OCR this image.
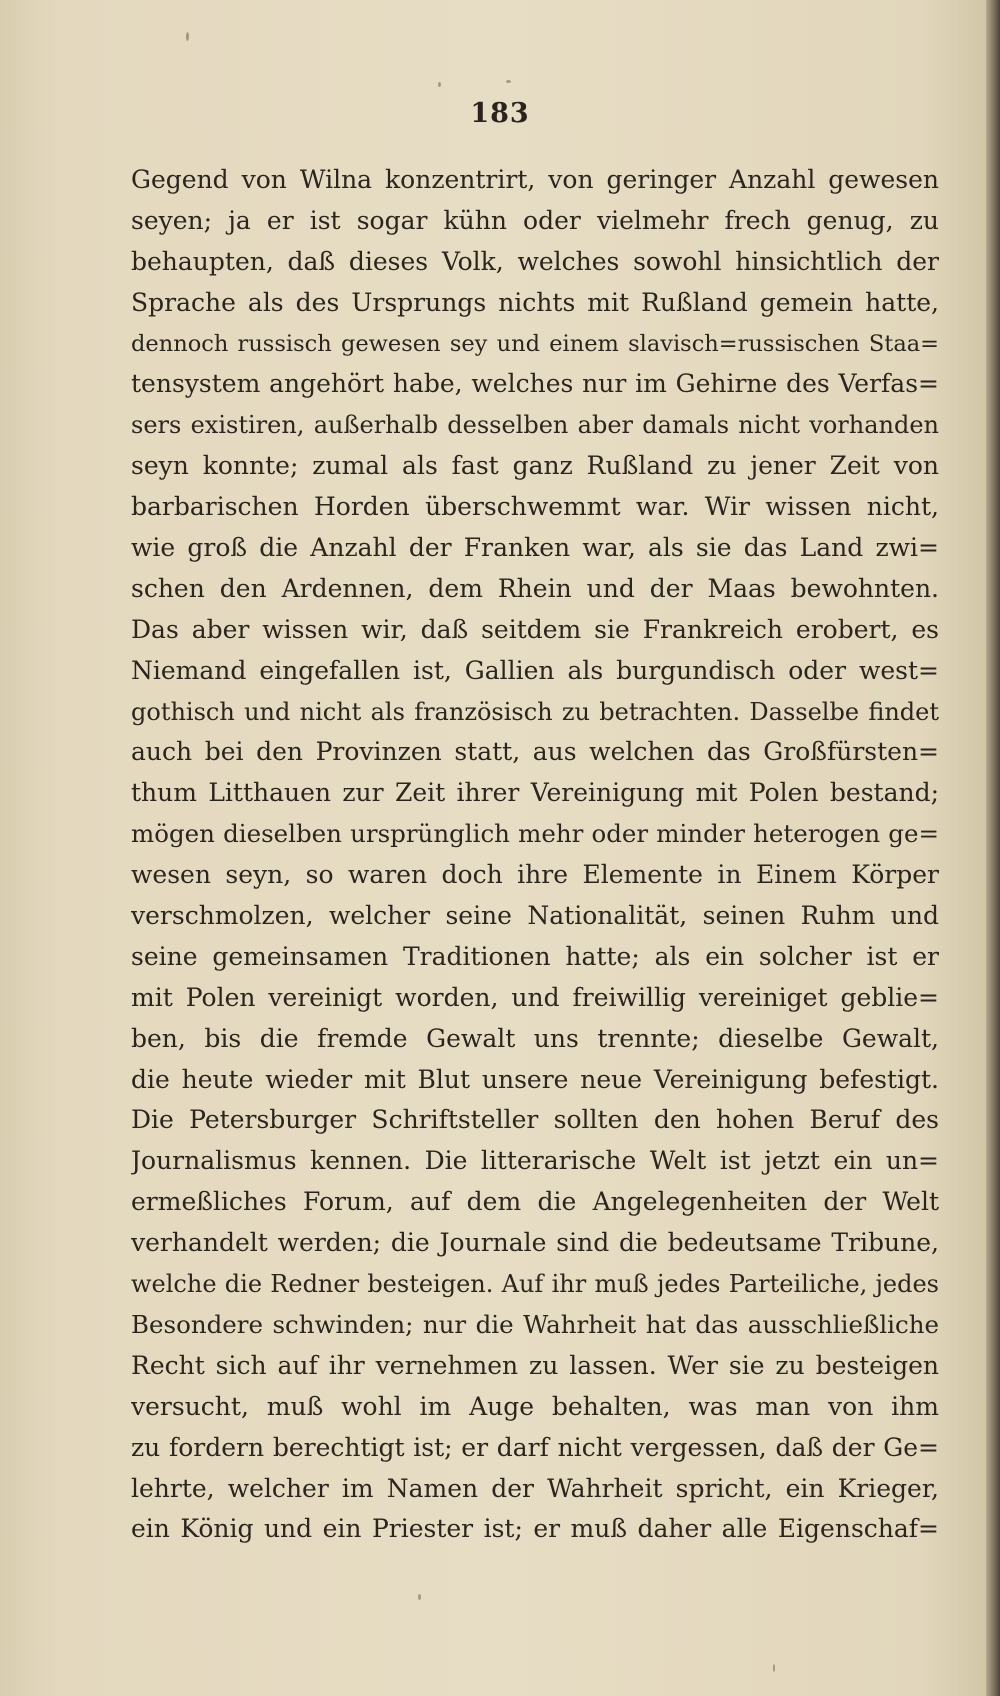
183
Gegend von Wilna konzentrirt, von geringer Anzahl gewesen
seyen; ja er ist sogar kühn oder vielmehr frech genug, zu
behaupten, daß dieses Volk, welches sowohl hinsichtlich der
Sprache als des Ursprungs nichts mit Rußland gemein hatte,
dennoch russisch gewesen sey und einem slavisch=russischen Staa=
tensystem angehört habe, welches nur im Gehirne des Verfas=
sers existiren, außerhalb desselben aber damals nicht vorhanden
seyn konnte; zumal als fast ganz Rußland zu jener Zeit von
barbarischen Horden überschwemmt war. Wir wissen nicht,
wie groß die Anzahl der Franken war, als sie das Land zwi=
schen den Ardennen, dem Rhein und der Maas bewohnten.
Das aber wissen wir, daß seitdem sie Frankreich erobert, es
Niemand eingefallen ist, Gallien als burgundisch oder west=
gothisch und nicht als französisch zu betrachten. Dasselbe findet
auch bei den Provinzen statt, aus welchen das Großfürsten=
thum Litthauen zur Zeit ihrer Vereinigung mit Polen bestand;
mögen dieselben ursprünglich mehr oder minder heterogen ge=
wesen seyn, so waren doch ihre Elemente in Einem Körper
verschmolzen, welcher seine Nationalität, seinen Ruhm und
seine gemeinsamen Traditionen hatte; als ein solcher ist er
mit Polen vereinigt worden, und freiwillig vereiniget geblie=
ben, bis die fremde Gewalt uns trennte; dieselbe Gewalt,
die heute wieder mit Blut unsere neue Vereinigung befestigt.
Die Petersburger Schriftsteller sollten den hohen Beruf des
Journalismus kennen. Die litterarische Welt ist jetzt ein un=
ermeßliches Forum, auf dem die Angelegenheiten der Welt
verhandelt werden; die Journale sind die bedeutsame Tribune,
welche die Redner besteigen. Auf ihr muß jedes Parteiliche, jedes
Besondere schwinden; nur die Wahrheit hat das ausschließliche
Recht sich auf ihr vernehmen zu lassen. Wer sie zu besteigen
versucht, muß wohl im Auge behalten, was man von ihm
zu fordern berechtigt ist; er darf nicht vergessen, daß der Ge=
lehrte, welcher im Namen der Wahrheit spricht, ein Krieger,
ein König und ein Priester ist; er muß daher alle Eigenschaf=
